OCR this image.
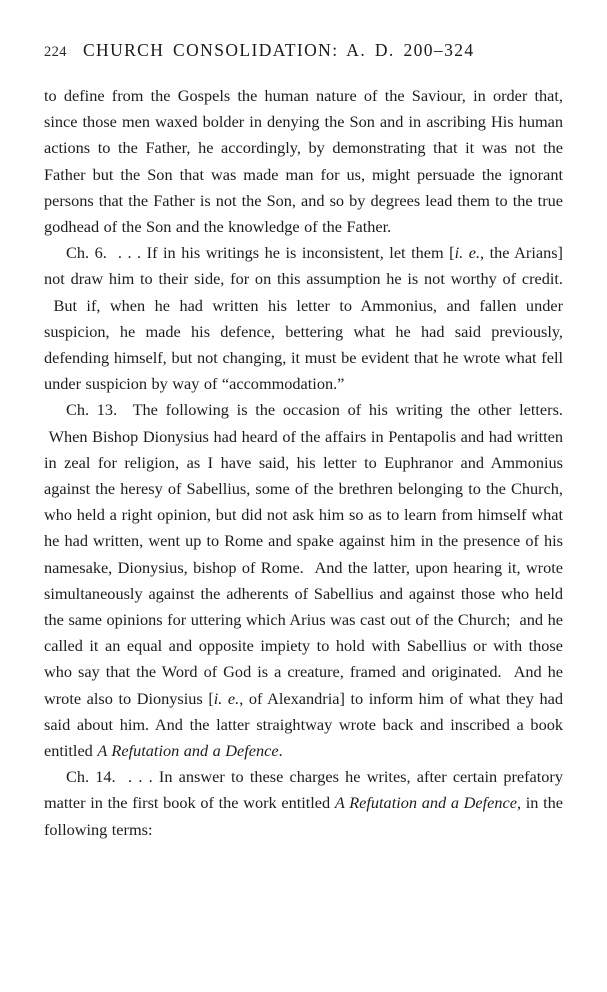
224 CHURCH CONSOLIDATION: A. D. 200–324

to define from the Gospels the human nature of the Saviour, in order that, since those men waxed bolder in denying the Son and in ascribing His human actions to the Father, he accordingly, by demonstrating that it was not the Father but the Son that was made man for us, might persuade the ignorant persons that the Father is not the Son, and so by degrees lead them to the true godhead of the Son and the knowledge of the Father.

Ch. 6.  . . . If in his writings he is inconsistent, let them [i. e., the Arians] not draw him to their side, for on this assumption he is not worthy of credit.  But if, when he had written his letter to Ammonius, and fallen under suspicion, he made his defence, bettering what he had said previously, defending himself, but not changing, it must be evident that he wrote what fell under suspicion by way of “accommodation.”

Ch. 13.  The following is the occasion of his writing the other letters.  When Bishop Dionysius had heard of the affairs in Pentapolis and had written in zeal for religion, as I have said, his letter to Euphranor and Ammonius against the heresy of Sabellius, some of the brethren belonging to the Church, who held a right opinion, but did not ask him so as to learn from himself what he had written, went up to Rome and spake against him in the presence of his namesake, Dionysius, bishop of Rome.  And the latter, upon hearing it, wrote simultaneously against the adherents of Sabellius and against those who held the same opinions for uttering which Arius was cast out of the Church;  and he called it an equal and opposite impiety to hold with Sabellius or with those who say that the Word of God is a creature, framed and originated.  And he wrote also to Dionysius [i. e., of Alexandria] to inform him of what they had said about him. And the latter straightway wrote back and inscribed a book entitled A Refutation and a Defence.

Ch. 14.  . . . In answer to these charges he writes, after certain prefatory matter in the first book of the work entitled A Refutation and a Defence, in the following terms:
